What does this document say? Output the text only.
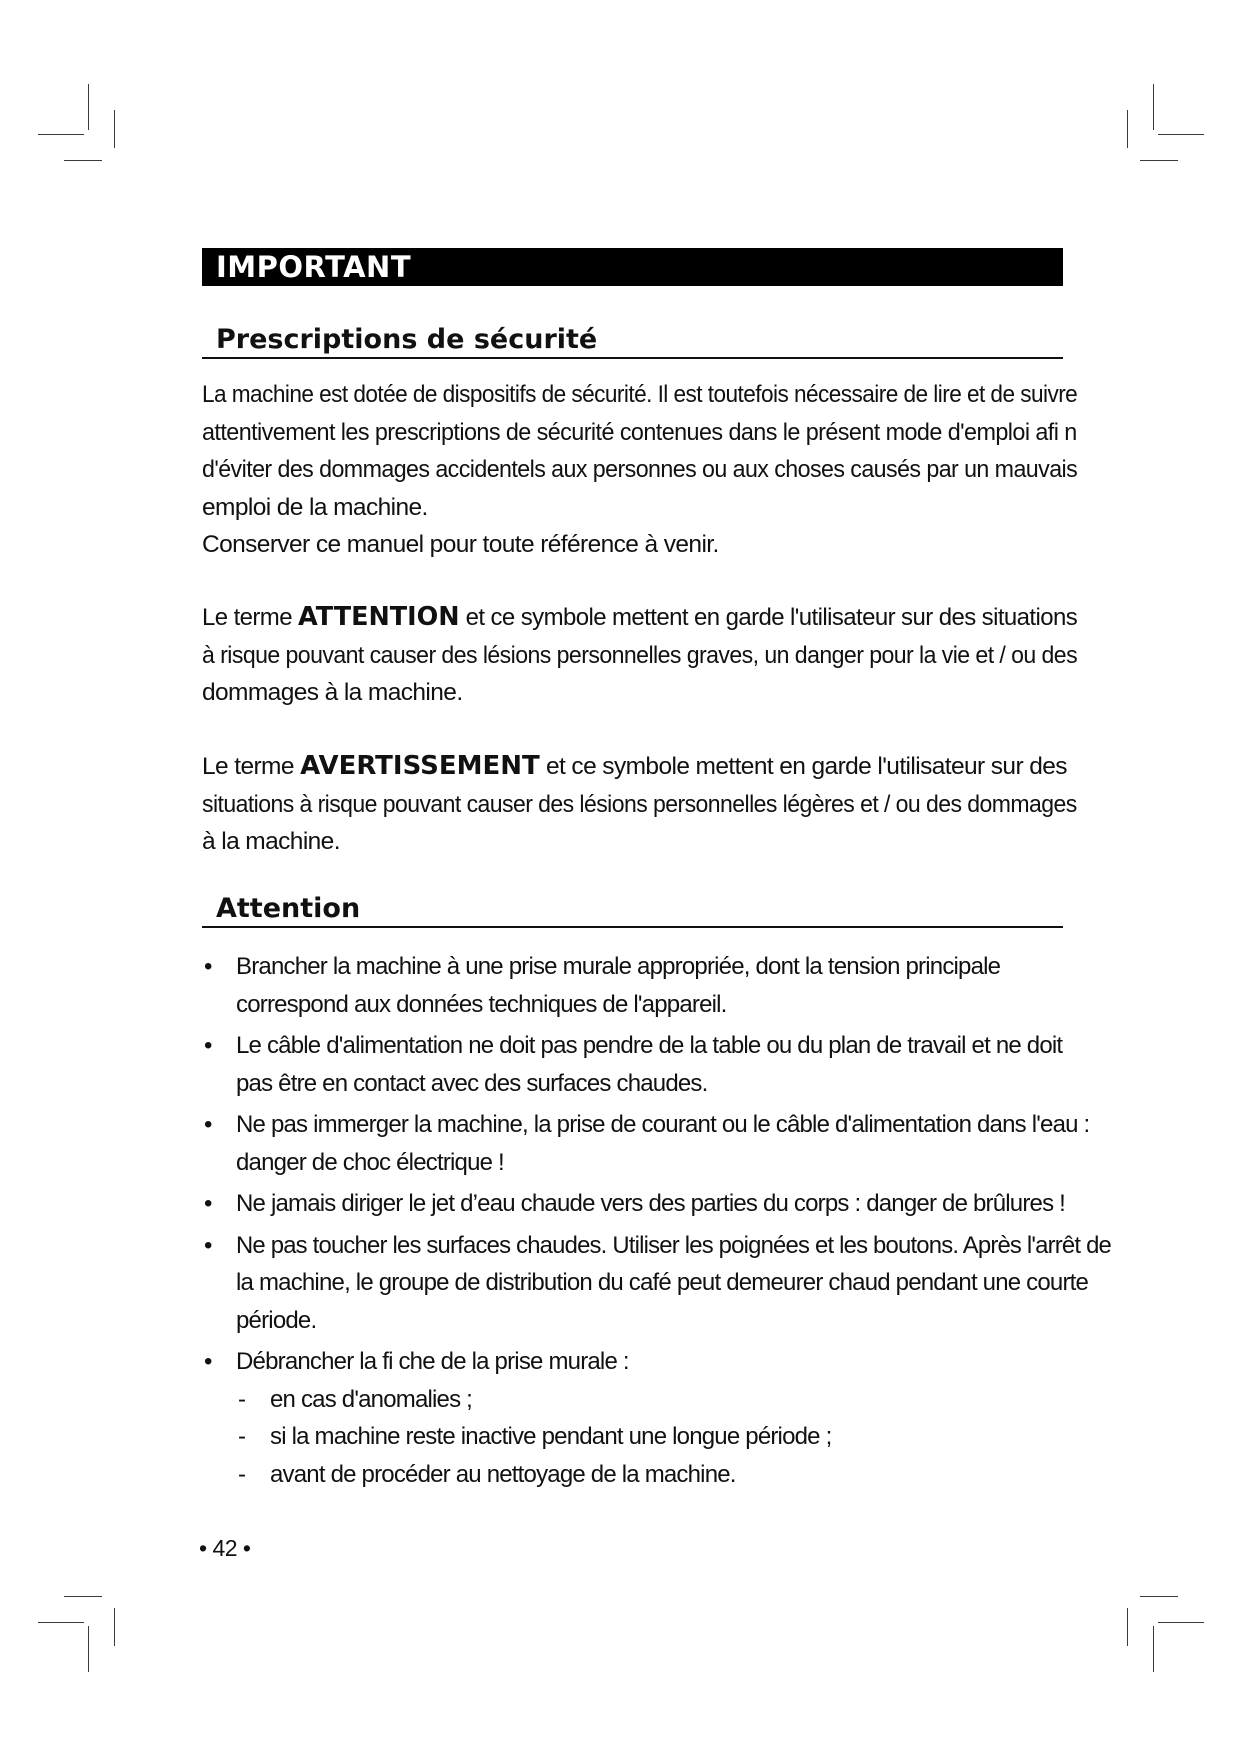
IMPORTANT
Prescriptions de sécurité
La machine est dotée de dispositifs de sécurité. Il est toutefois nécessaire de lire et de suivre
attentivement les prescriptions de sécurité contenues dans le présent mode d'emploi afi n
d'éviter des dommages accidentels aux personnes ou aux choses causés par un mauvais
emploi de la machine.
Conserver ce manuel pour toute référence à venir.
Le terme ATTENTION et ce symbole mettent en garde l'utilisateur sur des situations
à risque pouvant causer des lésions personnelles graves, un danger pour la vie et / ou des
dommages à la machine.
Le terme AVERTISSEMENT et ce symbole mettent en garde l'utilisateur sur des
situations à risque pouvant causer des lésions personnelles légères et / ou des dommages
à la machine.
Attention
• Brancher la machine à une prise murale appropriée, dont la tension principale
correspond aux données techniques de l'appareil.
• Le câble d'alimentation ne doit pas pendre de la table ou du plan de travail et ne doit
pas être en contact avec des surfaces chaudes.
• Ne pas immerger la machine, la prise de courant ou le câble d'alimentation dans l'eau :
danger de choc électrique !
• Ne jamais diriger le jet d’eau chaude vers des parties du corps : danger de brûlures !
• Ne pas toucher les surfaces chaudes. Utiliser les poignées et les boutons. Après l'arrêt de
la machine, le groupe de distribution du café peut demeurer chaud pendant une courte
période.
• Débrancher la fi che de la prise murale :
- en cas d'anomalies ;
- si la machine reste inactive pendant une longue période ;
- avant de procéder au nettoyage de la machine.
• 42 •
